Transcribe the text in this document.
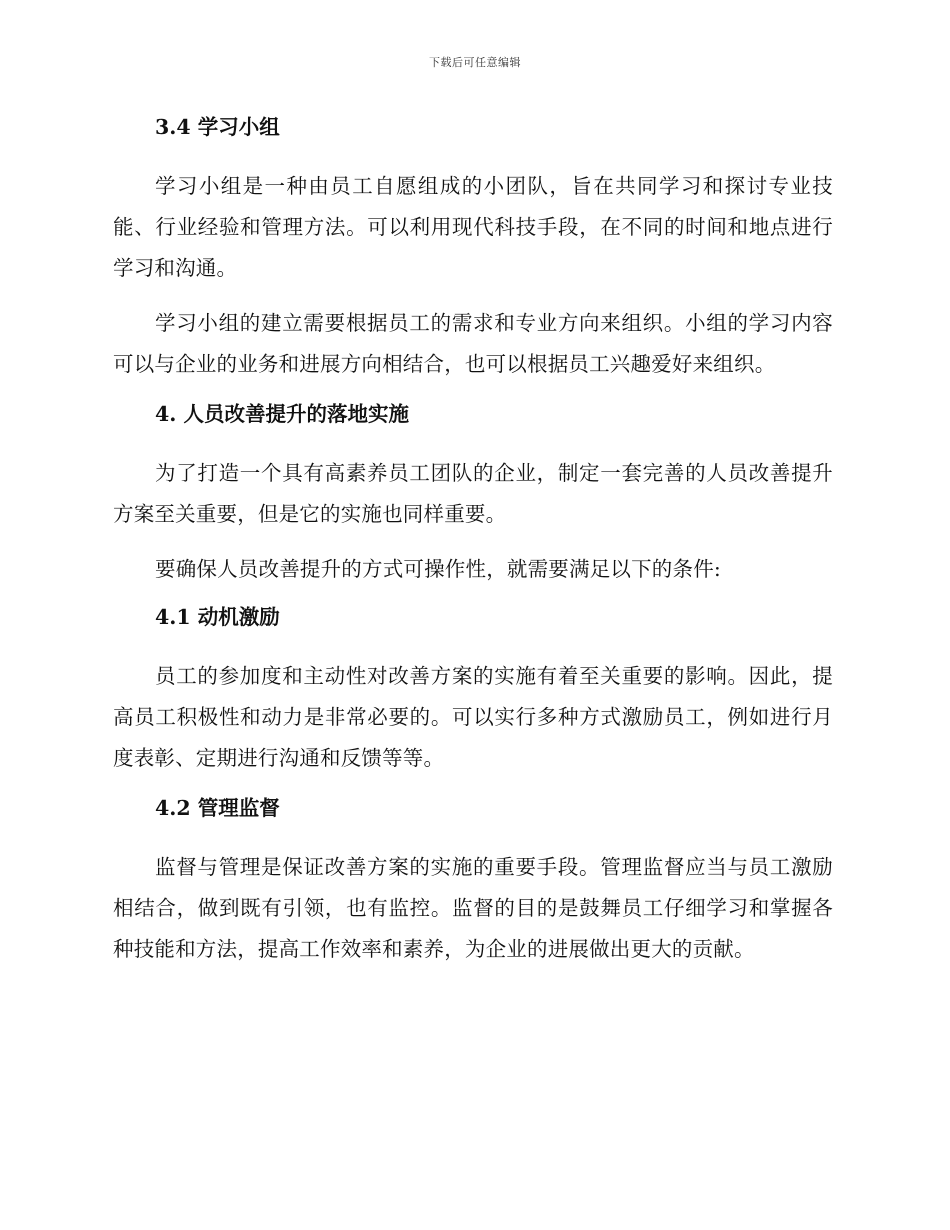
下载后可任意编辑
3.4 学习小组

学习小组是一种由员工自愿组成的小团队，旨在共同学习和探讨专业技能、行业经验和管理方法。可以利用现代科技手段，在不同的时间和地点进行学习和沟通。

学习小组的建立需要根据员工的需求和专业方向来组织。小组的学习内容可以与企业的业务和进展方向相结合，也可以根据员工兴趣爱好来组织。

4. 人员改善提升的落地实施

为了打造一个具有高素养员工团队的企业，制定一套完善的人员改善提升方案至关重要，但是它的实施也同样重要。

要确保人员改善提升的方式可操作性，就需要满足以下的条件:

4.1 动机激励

员工的参加度和主动性对改善方案的实施有着至关重要的影响。因此，提高员工积极性和动力是非常必要的。可以实行多种方式激励员工，例如进行月度表彰、定期进行沟通和反馈等等。

4.2 管理监督

监督与管理是保证改善方案的实施的重要手段。管理监督应当与员工激励相结合，做到既有引领，也有监控。监督的目的是鼓舞员工仔细学习和掌握各种技能和方法，提高工作效率和素养，为企业的进展做出更大的贡献。
